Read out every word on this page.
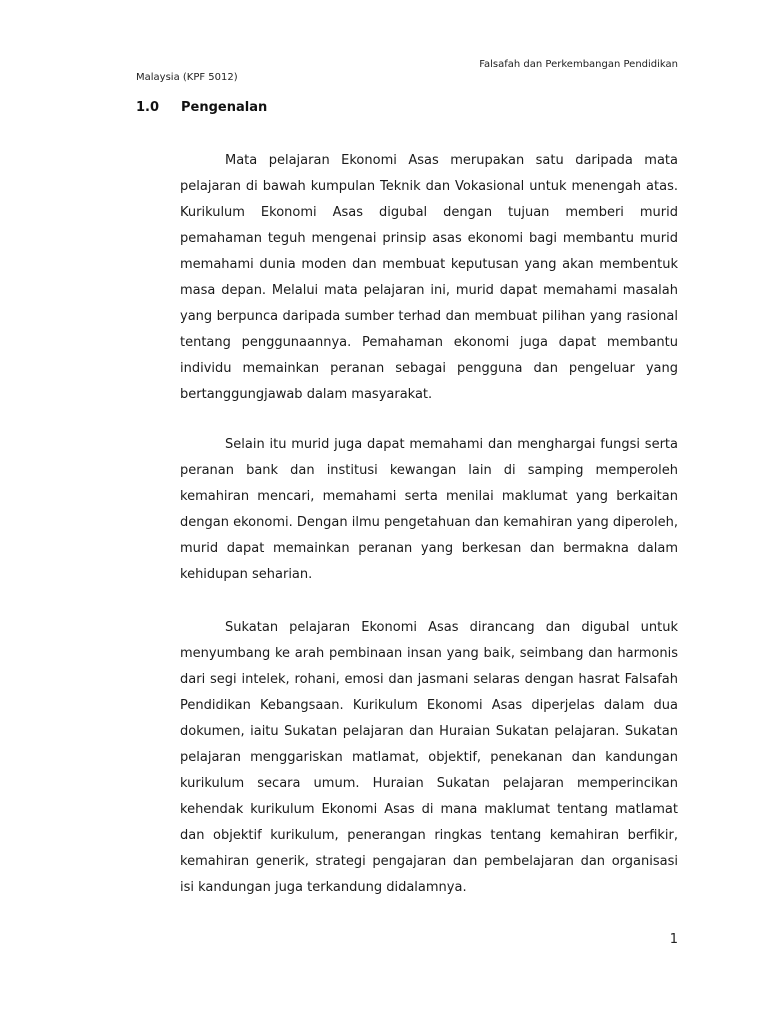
Falsafah dan Perkembangan Pendidikan
Malaysia (KPF 5012)
1.0 Pengenalan

Mata pelajaran Ekonomi Asas merupakan satu daripada mata pelajaran di bawah kumpulan Teknik dan Vokasional untuk menengah atas. Kurikulum Ekonomi Asas digubal dengan tujuan memberi murid pemahaman teguh mengenai prinsip asas ekonomi bagi membantu murid memahami dunia moden dan membuat keputusan yang akan membentuk masa depan. Melalui mata pelajaran ini, murid dapat memahami masalah yang berpunca daripada sumber terhad dan membuat pilihan yang rasional tentang penggunaannya. Pemahaman ekonomi juga dapat membantu individu memainkan peranan sebagai pengguna dan pengeluar yang bertanggungjawab dalam masyarakat.

Selain itu murid juga dapat memahami dan menghargai fungsi serta peranan bank dan institusi kewangan lain di samping memperoleh kemahiran mencari, memahami serta menilai maklumat yang berkaitan dengan ekonomi. Dengan ilmu pengetahuan dan kemahiran yang diperoleh, murid dapat memainkan peranan yang berkesan dan bermakna dalam kehidupan seharian.

Sukatan pelajaran Ekonomi Asas dirancang dan digubal untuk menyumbang ke arah pembinaan insan yang baik, seimbang dan harmonis dari segi intelek, rohani, emosi dan jasmani selaras dengan hasrat Falsafah Pendidikan Kebangsaan. Kurikulum Ekonomi Asas diperjelas dalam dua dokumen, iaitu Sukatan pelajaran dan Huraian Sukatan pelajaran. Sukatan pelajaran menggariskan matlamat, objektif, penekanan dan kandungan kurikulum secara umum. Huraian Sukatan pelajaran memperincikan kehendak kurikulum Ekonomi Asas di mana maklumat tentang matlamat dan objektif kurikulum, penerangan ringkas tentang kemahiran berfikir, kemahiran generik, strategi pengajaran dan pembelajaran dan organisasi isi kandungan juga terkandung didalamnya.

1
